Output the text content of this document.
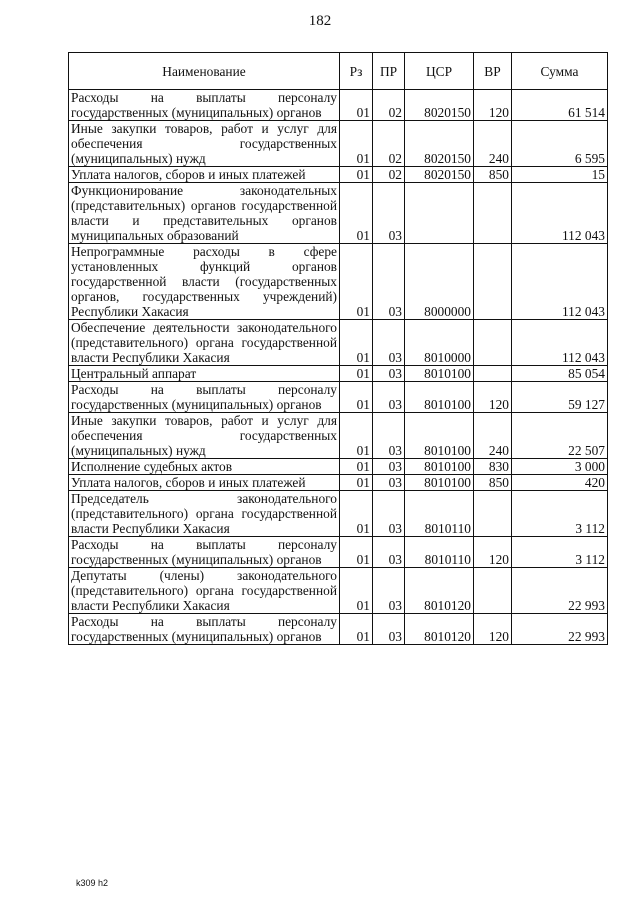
182
Наименование	Рз	ПР	ЦСР	ВР	Сумма
Расходы на выплаты персоналу государственных (муниципальных) органов	01	02	8020150	120	61 514
Иные закупки товаров, работ и услуг для обеспечения государственных (муниципальных) нужд	01	02	8020150	240	6 595
Уплата налогов, сборов и иных платежей	01	02	8020150	850	15
Функционирование законодательных (представительных) органов государственной власти и представительных органов муниципальных образований	01	03			112 043
Непрограммные расходы в сфере установленных функций органов государственной власти (государственных органов, государственных учреждений) Республики Хакасия	01	03	8000000		112 043
Обеспечение деятельности законодательного (представительного) органа государственной власти Республики Хакасия	01	03	8010000		112 043
Центральный аппарат	01	03	8010100		85 054
Расходы на выплаты персоналу государственных (муниципальных) органов	01	03	8010100	120	59 127
Иные закупки товаров, работ и услуг для обеспечения государственных (муниципальных) нужд	01	03	8010100	240	22 507
Исполнение судебных актов	01	03	8010100	830	3 000
Уплата налогов, сборов и иных платежей	01	03	8010100	850	420
Председатель законодательного (представительного) органа государственной власти Республики Хакасия	01	03	8010110		3 112
Расходы на выплаты персоналу государственных (муниципальных) органов	01	03	8010110	120	3 112
Депутаты (члены) законодательного (представительного) органа государственной власти Республики Хакасия	01	03	8010120		22 993
Расходы на выплаты персоналу государственных (муниципальных) органов	01	03	8010120	120	22 993
k309 h2
